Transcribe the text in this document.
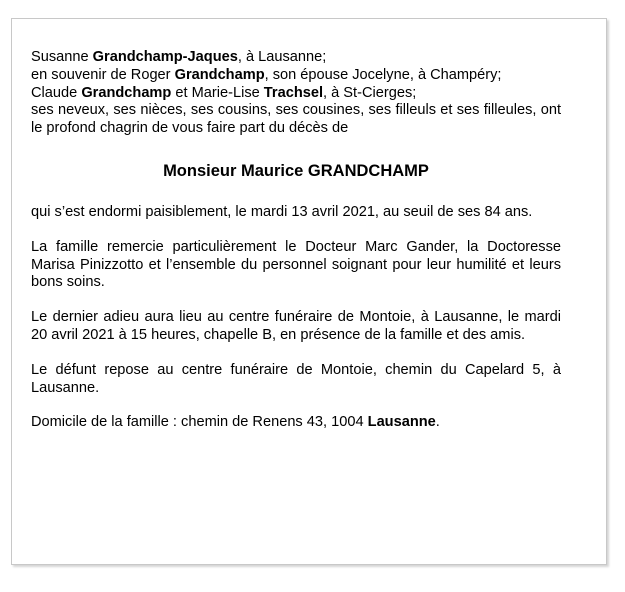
Susanne Grandchamp-Jaques, à Lausanne;
en souvenir de Roger Grandchamp, son épouse Jocelyne, à Champéry;
Claude Grandchamp et Marie-Lise Trachsel, à St-Cierges;

ses neveux, ses nièces, ses cousins, ses cousines, ses filleuls et ses filleules, ont le profond chagrin de vous faire part du décès de

Monsieur Maurice GRANDCHAMP

qui s’est endormi paisiblement, le mardi 13 avril 2021, au seuil de ses 84 ans.

La famille remercie particulièrement le Docteur Marc Gander, la Doctoresse Marisa Pinizzotto et l’ensemble du personnel soignant pour leur humilité et leurs bons soins.

Le dernier adieu aura lieu au centre funéraire de Montoie, à Lausanne, le mardi 20 avril 2021 à 15 heures, chapelle B, en présence de la famille et des amis.

Le défunt repose au centre funéraire de Montoie, chemin du Capelard 5, à Lausanne.

Domicile de la famille : chemin de Renens 43, 1004 Lausanne.
